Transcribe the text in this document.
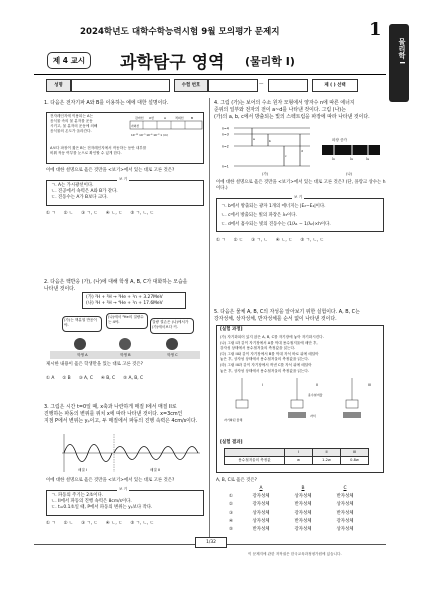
2024학년도 대학수학능력시험 9월 모의평가 문제지	1
물리학 I
제 4 교시	과학탐구 영역 (물리학 I)
성명	수험 번호	—	제 ( ) 선택
1. 다음은 전자기파 A와 B를 이용하는 예에 대한 설명이다.
전자레인지에 이용되는 A는
음식물 속의 물 분자를 운동
시키고, 물 분자의 운동에 의해
음식물의 온도가 올라간다.
A보다 파장이 짧은 B는 전자레인지에서 작동하는 동안 내부를
비춰 작동 여부를 눈으로 확인할 수 있게 한다.
감마선 X선	A	적외선 B
자외선
10⁻¹² 10⁻⁹ 10⁻⁶ 10⁻³ 1 (m)
이에 대한 설명으로 옳은 것만을 <보기>에서 있는 대로 고른 것은?
보 기
ㄱ. A는 가시광선이다.
ㄴ. 진공에서 속력은 A와 B가 같다.
ㄷ. 진동수는 A가 B보다 크다.
① ㄱ ② ㄴ ③ ㄱ, ㄷ ④ ㄴ, ㄷ ⑤ ㄱ, ㄴ, ㄷ
2. 다음은 핵반응 (가), (나)에 대해 학생 A, B, C가 대화하는 모습을
나타낸 것이다.
(가) ²H + ²H → ³He + ¹n + 3.27MeV
(나) ³H + ²H → ⁴He + ¹n + 17.6MeV
(가)는 핵분열 반응이야.
(나)에서 ⁴He의 질량수는 4야.	질량 결손은 (나)에서가 (가)에서보다 커.
학생 A	학생 B	학생 C
제시한 내용이 옳은 학생만을 있는 대로 고른 것은?
① A ② B ③ A, C ④ B, C ⑤ A, B, C
3. 그림은 시간 t=0일 때, x축과 나란하게 매질 I에서 매질 II로
진행하는 파동의 변위를 위치 x에 따라 나타낸 것이다. x=3cm인
지점 P에서 변위는 yₚ이고, 두 매질에서 파동의 진행 속력은 4cm/s이다.
매질 I	매질 II
이에 대한 설명으로 옳은 것만을 <보기>에서 있는 대로 고른 것은?
보 기
ㄱ. 파동의 주기는 2초이다.
ㄴ. II에서 파동의 진행 속력은 8cm/s이다.
ㄷ. t=0.1초일 때, P에서 파동의 변위는 yₚ보다 작다.
① ㄱ ② ㄴ ③ ㄱ, ㄷ ④ ㄴ, ㄷ ⑤ ㄱ, ㄴ, ㄷ
4. 그림 (가)는 보어의 수소 원자 모형에서 양자수 n에 따른 에너지
준위의 일부와 전자의 전이 a~d를 나타낸 것이다. 그림 (나)는
(가)의 a, b, c에서 방출되는 빛의 스펙트럼을 파장에 따라 나타낸 것이다.
n=4
n=3
n=2
n=1
a	b
c
d
(가)
파장 증가
λ₁	λ₂	λ₃
(나)
이에 대한 설명으로 옳은 것만을 <보기>에서 있는 대로 고른 것은? (단, 플랑크 상수는 h이다.)
보 기
ㄱ. b에서 방출되는 광자 1개의 에너지는 |E₂−E₄|이다.
ㄴ. c에서 방출되는 빛의 파장은 λ₃이다.
ㄷ. d에서 흡수되는 빛의 진동수는 (1/λ₁ − 1/λ₂)×h이다.
① ㄱ ② ㄷ ③ ㄱ, ㄴ ④ ㄴ, ㄷ ⑤ ㄱ, ㄴ, ㄷ
5. 다음은 물체 A, B, C의 자성을 알아보기 위한 실험이다. A, B, C는
강자성체, 상자성체, 반자성체를 순서 없이 나타낸 것이다.
[실험 과정]
(가) 자기화되어 있지 않은 A, B, C를 자기장에 놓아 자기화시킨다.
(나) 그림 I과 같이 자기장에서 A를 막대 용수철저울에 매단 후,
강자성 상태에서 용수철저울의 측정값을 읽는다.
(다) 그림 II와 같이 자기장에서 B를 막대 자석 바로 위에 매달아
놓은 후, 상자성 상태에서 용수철저울의 측정값을 읽는다.
(라) 그림 III과 같이 자기장에서 꺼낸 C를 자석 위에 매달아
놓은 후, 상자성 상태에서 용수철저울의 측정값을 읽는다.
자기화된 물체
I	II	III
용수철저울
자석
[실험 결과]
	I	II	III
용수철저울의 측정값	w	1.2w	0.8w
A, B, C로 옳은 것은?
	A	B	C
①	강자성체	상자성체	반자성체
②	강자성체	반자성체	상자성체
③	상자성체	강자성체	반자성체
④	상자성체	반자성체	강자성체
⑤	반자성체	강자성체	상자성체
1/32
이 문제지에 관한 저작권은 한국교육과정평가원에 있습니다.
